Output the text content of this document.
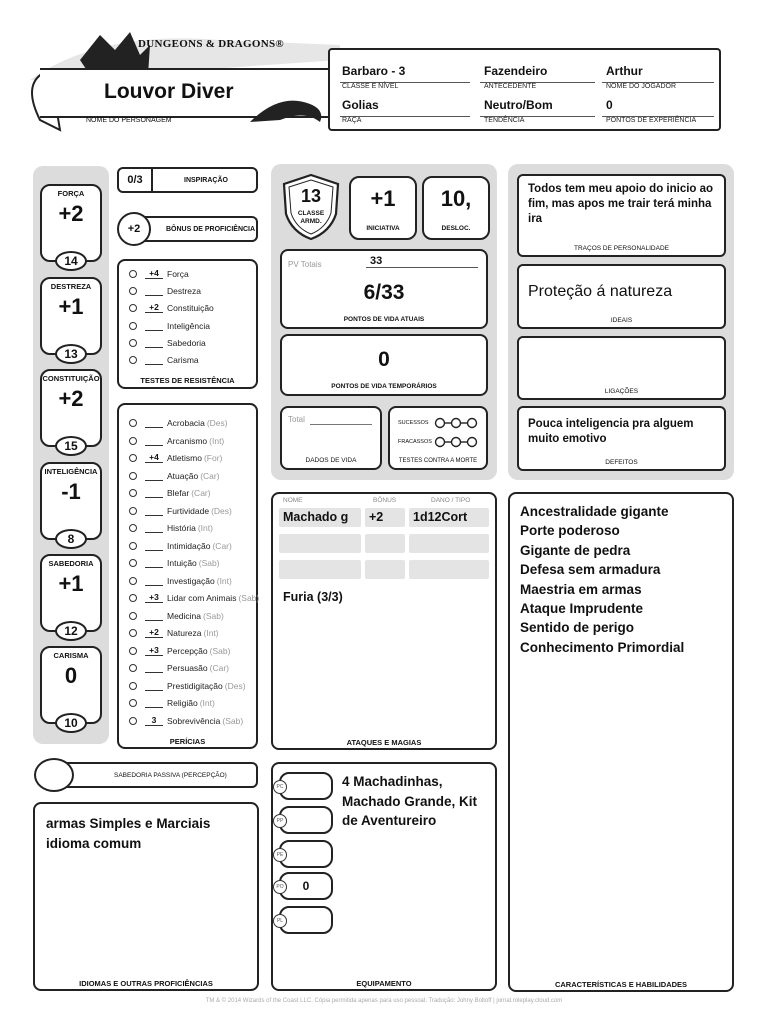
DUNGEONS & DRAGONS®
Louvor Diver
NOME DO PERSONAGEM
Barbaro - 3
CLASSE E NÍVEL
Fazendeiro
ANTECEDENTE
Arthur
NOME DO JOGADOR
Golias
RAÇA
Neutro/Bom
TENDÊNCIA
0
PONTOS DE EXPERIÊNCIA
FORÇA
+2
14
DESTREZA
+1
13
CONSTITUIÇÃO
+2
15
INTELIGÊNCIA
-1
8
SABEDORIA
+1
12
CARISMA
0
10
0/3	INSPIRAÇÃO
BÔNUS DE PROFICIÊNCIA
+2
+4 Força
Destreza
+2 Constituição
Inteligência
Sabedoria
Carisma
TESTES DE RESISTÊNCIA
Acrobacia (Des)
Arcanismo (Int)
+4 Atletismo (For)
Atuação (Car)
Blefar (Car)
Furtividade (Des)
História (Int)
Intimidação (Car)
Intuição (Sab)
Investigação (Int)
+3 Lidar com Animais (Sab)
Medicina (Sab)
+2 Natureza (Int)
+3 Percepção (Sab)
Persuasão (Car)
Prestidigitação (Des)
Religião (Int)
3	Sobrevivência (Sab)
PERÍCIAS
SABEDORIA PASSIVA (PERCEPÇÃO)
armas Simples e Marciais idioma comum
IDIOMAS E OUTRAS PROFICIÊNCIAS
13
CLASSE ARMD.
+1
INICIATIVA
10,
DESLOC.
PV Totais	33
6/33
PONTOS DE VIDA ATUAIS
0
PONTOS DE VIDA TEMPORÁRIOS
Total
DADOS DE VIDA
SUCESSOS
FRACASSOS
TESTES CONTRA A MORTE
Todos tem meu apoio do inicio ao fim, mas apos me trair terá minha ira
TRAÇOS DE PERSONALIDADE
Proteção á natureza
IDEAIS
LIGAÇÕES
Pouca inteligencia pra alguem muito emotivo
DEFEITOS
NOME	BÔNUS	DANO / TIPO
Machado g	+2	1d12Cort
Furia (3/3)
ATAQUES E MAGIAS
Ancestralidade gigante
Porte poderoso
Gigante de pedra
Defesa sem armadura
Maestria em armas
Ataque Imprudente
Sentido de perigo
Conhecimento Primordial
CARACTERÍSTICAS E HABILIDADES
4 Machadinhas, Machado Grande, Kit de Aventureiro
EQUIPAMENTO
PC
PP
PE
PO 0
PL
TM & © 2014 Wizards of the Coast LLC. Cópia permitida apenas para uso pessoal. Tradução: Johny Boltoff | jornal.roleplay.cloud.com
